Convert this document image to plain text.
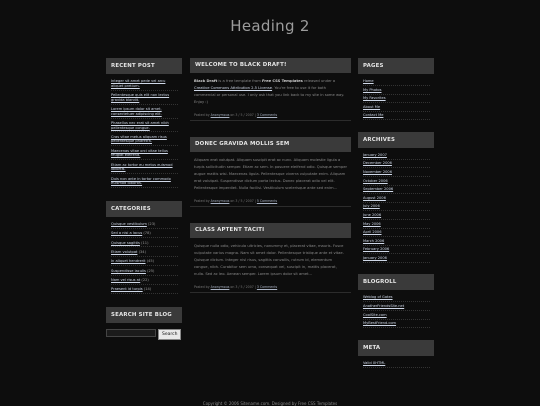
Heading 2
RECENT POST
Integer sit amet pede vel arcu aliquet pretium.
Pellentesque quis elit non lectus gravida blandit.
Lorem ipsum dolor sit amet, consectetuer adipiscing elit.
Phasellus nec erat sit amet nibh pellentesque congue.
Cras vitae metus aliquam risus pellentesque pharetra.
Maecenas vitae orci vitae tellus feugiat eleifend.
Etiam ac tortor eu metus euismod lobortis.
Duis non ante in tortor commodo euismod lobortis.
CATEGORIES
Quisque vestibulum (23)
Sed a nisi a lacus (78)
Quisque sagittis (11)
Etiam volutpat (34)
In aliquet hendrerit (45)
Suspendisse iaculis (25)
Nam vel risus at (22)
Praesent id turpis (14)
SEARCH SITE BLOG
Search
WELCOME TO BLACK DRAFT!
Black Draft is a free template from Free CSS Templates released under a Creative Commons Attribution 2.5 License. You're free to use it for both commercial or personal use. I only ask that you link back to my site in some way. Enjoy :)
Posted by Anonymous on 3 / 5 / 2007 | 3 Comments
DONEC GRAVIDA MOLLIS SEM
Aliquam erat volutpat. Aliquam suscipit erat ac nunc. Aliquam molestie ligula a turpis sollicitudin semper. Etiam ac sem. In posuere eleifend odio. Quisque semper augue mattis wisi. Maecenas ligula. Pellentesque viverra vulputate enim. Aliquam erat volutpat. Suspendisse dictum porta lectus. Donec placerat odio vel elit. Pellentesque imperdiet. Nulla facilisi. Vestibulum scelerisque ante sed enim...
Posted by Anonymous on 3 / 5 / 2007 | 5 Comments
CLASS APTENT TACITI
Quisque nulla odio, vehicula ultricies, nonummy et, placerat vitae, mauris. Fusce vulputate varius magna. Nam sit amet dolor. Pellentesque tristique ante et vitae. Quisque dictum. Integer nisl risus, sagittis convallis, rutrum id, elementum congue, nibh. Curabitur sem urna, consequat vel, suscipit in, mattis placerat, nulla. Sed ac leo. Aenean semper. Lorem ipsum dolor sit amet...
Posted by Anonymous on 3 / 5 / 2007 | 3 Comments
PAGES
Home
My Photos
My Favorites
About Me
Contact Me
ARCHIVES
January 2007
December 2006
November 2006
October 2006
September 2006
August 2006
July 2006
June 2006
May 2006
April 2006
March 2006
February 2006
January 2006
BLOGROLL
Weblog of Gates
AnotherFriendsSite.net
CoolSite.com
MyBestFriend.com
META
Valid XHTML
Copyright © 2006 Sitename.com. Designed by Free CSS Templates
